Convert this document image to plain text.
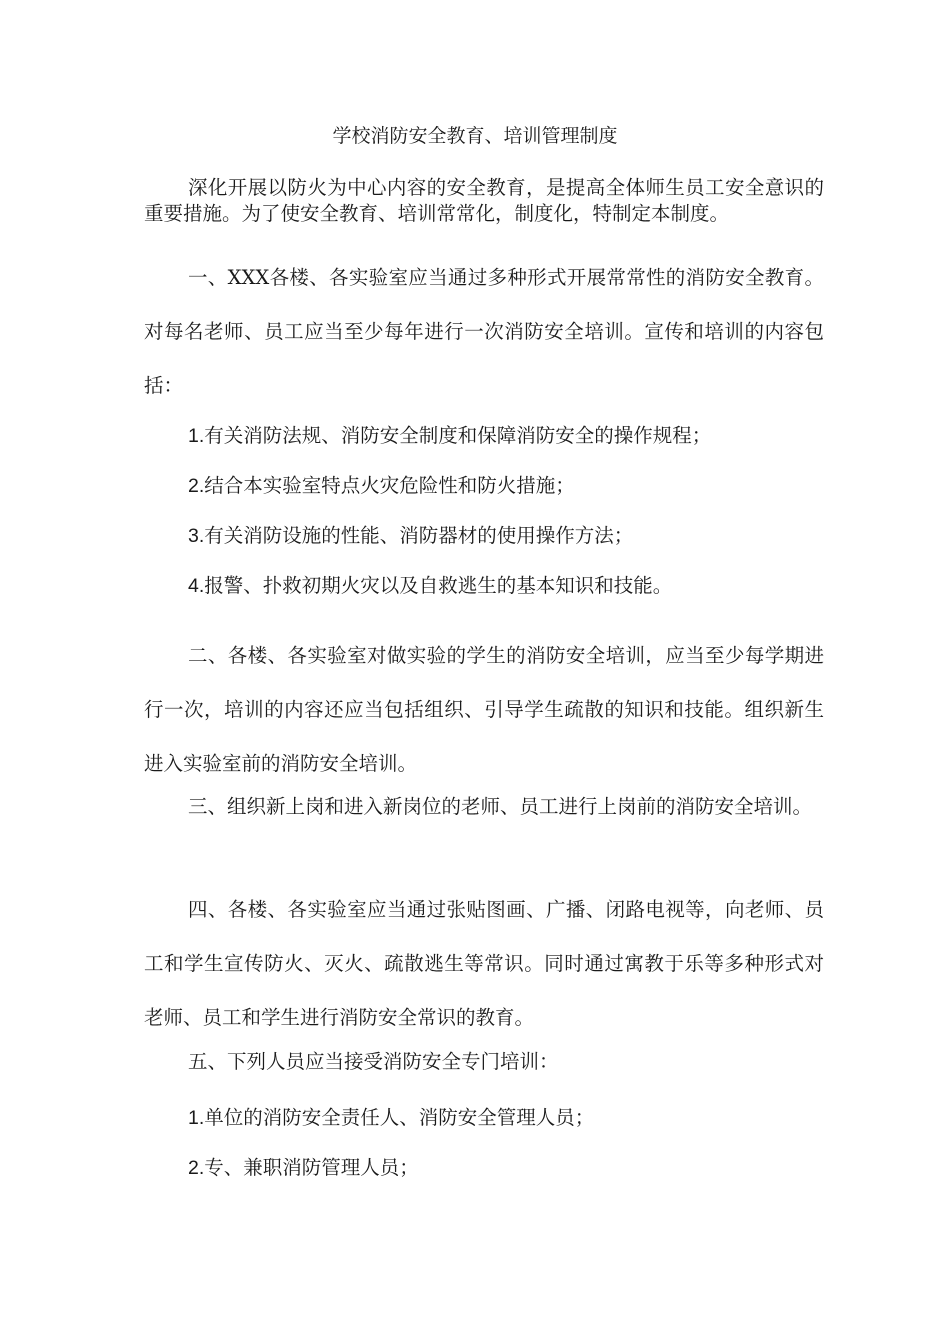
学校消防安全教育、培训管理制度
深化开展以防火为中心内容的安全教育，是提高全体师生员工安全意识的重要措施。为了使安全教育、培训常常化，制度化，特制定本制度。
一、XXX各楼、各实验室应当通过多种形式开展常常性的消防安全教育。对每名老师、员工应当至少每年进行一次消防安全培训。宣传和培训的内容包括：
1.有关消防法规、消防安全制度和保障消防安全的操作规程；
2.结合本实验室特点火灾危险性和防火措施；
3.有关消防设施的性能、消防器材的使用操作方法；
4.报警、扑救初期火灾以及自救逃生的基本知识和技能。
二、各楼、各实验室对做实验的学生的消防安全培训，应当至少每学期进行一次，培训的内容还应当包括组织、引导学生疏散的知识和技能。组织新生进入实验室前的消防安全培训。
三、组织新上岗和进入新岗位的老师、员工进行上岗前的消防安全培训。
四、各楼、各实验室应当通过张贴图画、广播、闭路电视等，向老师、员工和学生宣传防火、灭火、疏散逃生等常识。同时通过寓教于乐等多种形式对老师、员工和学生进行消防安全常识的教育。
五、下列人员应当接受消防安全专门培训：
1.单位的消防安全责任人、消防安全管理人员；
2.专、兼职消防管理人员；
